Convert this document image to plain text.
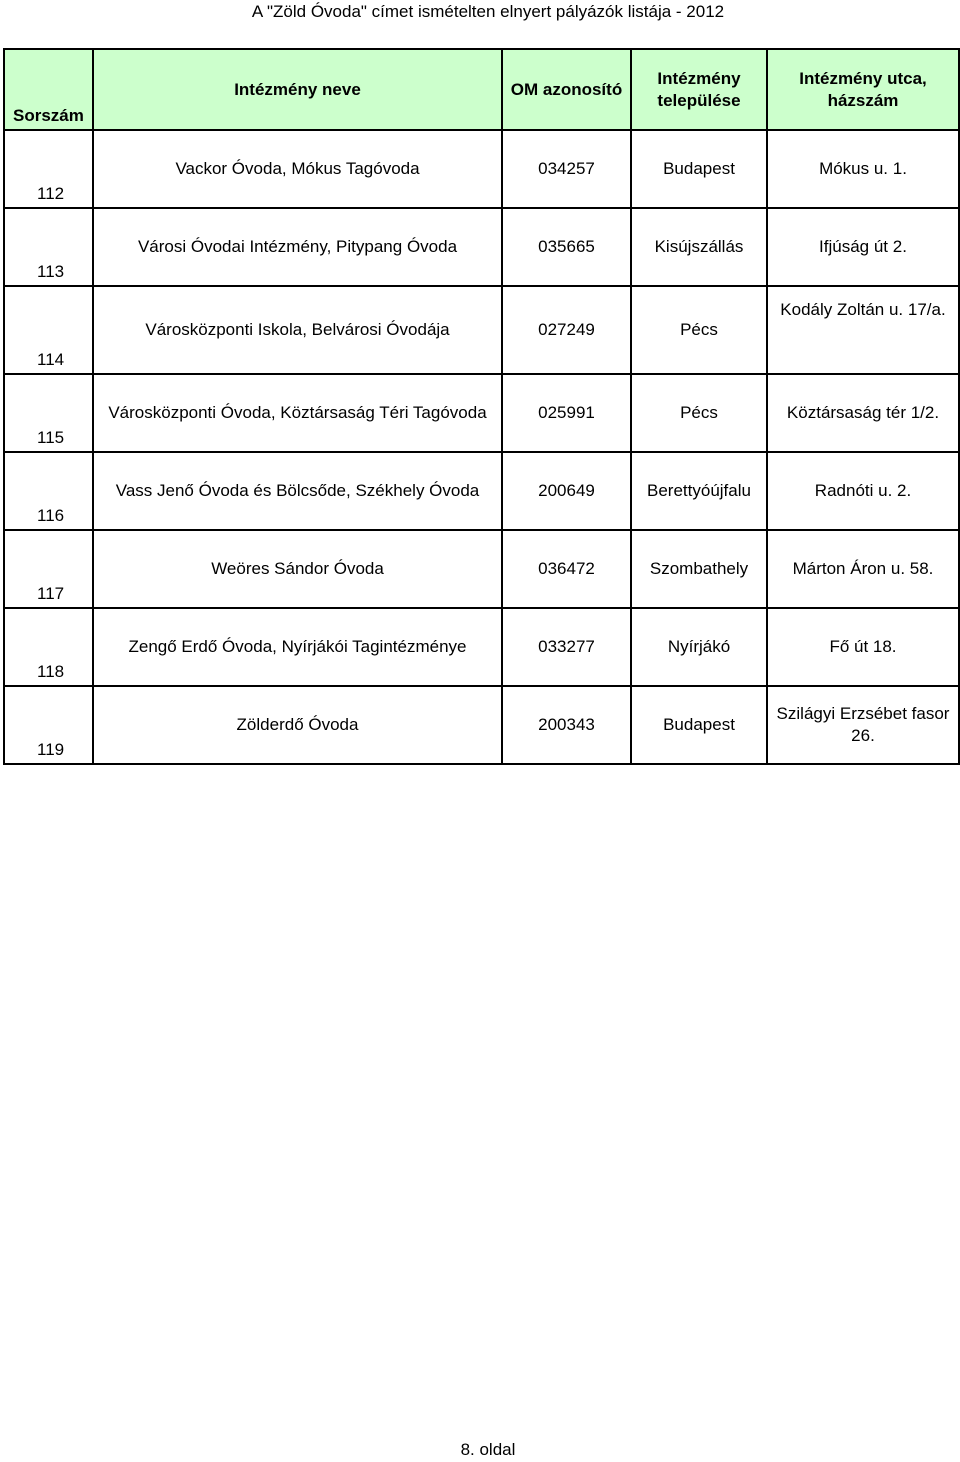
A "Zöld Óvoda" címet ismételten elnyert pályázók listája - 2012
Sorszám	Intézmény neve	OM azonosító	Intézmény települése	Intézmény utca, házszám
112	Vackor Óvoda, Mókus Tagóvoda	034257	Budapest	Mókus u. 1.
113	Városi Óvodai Intézmény, Pitypang Óvoda	035665	Kisújszállás	Ifjúság út 2.
114	Városközponti Iskola, Belvárosi Óvodája	027249	Pécs	Kodály Zoltán u. 17/a.
115	Városközponti Óvoda, Köztársaság Téri Tagóvoda	025991	Pécs	Köztársaság tér 1/2.
116	Vass Jenő Óvoda és Bölcsőde, Székhely Óvoda	200649	Berettyóújfalu	Radnóti u. 2.
117	Weöres Sándor Óvoda	036472	Szombathely	Márton Áron u. 58.
118	Zengő Erdő Óvoda, Nyírjákói Tagintézménye	033277	Nyírjákó	Fő út 18.
119	Zölderdő Óvoda	200343	Budapest	Szilágyi Erzsébet fasor 26.
8. oldal
